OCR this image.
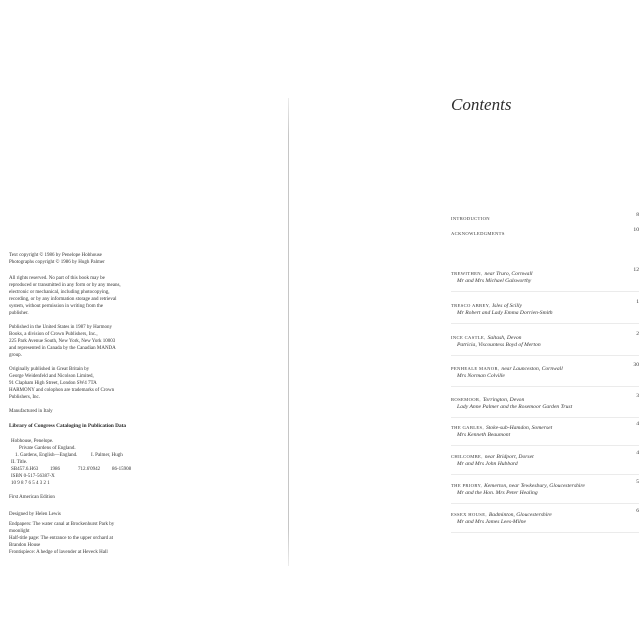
Text copyright © 1986 by Penelope Hobhouse
Photographs copyright © 1986 by Hugh Palmer
All rights reserved. No part of this book may be
reproduced or transmitted in any form or by any means,
electronic or mechanical, including photocopying,
recording, or by any information storage and retrieval
system, without permission in writing from the
publisher.
Published in the United States in 1987 by Harmony
Books, a division of Crown Publishers, Inc.,
225 Park Avenue South, New York, New York 10003
and represented in Canada by the Canadian MANDA
group.
Originally published in Great Britain by
George Weidenfeld and Nicolson Limited,
91 Clapham High Street, London SW4 7TA
HARMONY and colophon are trademarks of Crown
Publishers, Inc.
Manufactured in Italy
Library of Congress Cataloging in Publication Data
Hobhouse, Penelope.
Private Gardens of England.
1. Gardens, English—England.	I. Palmer, Hugh
II. Title.
SB457.6.H63 1986	712.6'0942 86-15908
ISBN 0-517-56387-X
10 9 8 7 6 5 4 3 2 1
First American Edition
Designed by Helen Lewis
Endpapers: The water canal at Brockenhurst Park by
moonlight
Half-title page: The entrance to the upper orchard at
Brandon House
Frontispiece: A hedge of lavender at Heveck Hall
Contents
INTRODUCTION
8
ACKNOWLEDGMENTS
10
TREWITHEN, near Truro, Cornwall
Mr and Mrs Michael Galsworthy
12
TRESCO ABBEY, Isles of Scilly
Mr Robert and Lady Emma Dorrien-Smith
1
INCE CASTLE, Saltash, Devon
Patricia, Viscountess Boyd of Merton
2
PENHEALE MANOR, near Launceston, Cornwall
Mrs Norman Colville
30
ROSEMOOR, Torrington, Devon
Lady Anne Palmer and the Rosemoor Garden Trust
3
THE GABLES, Stoke-sub-Hamdon, Somerset
Mrs Kenneth Beaumont
4
CHILCOMBE, near Bridport, Dorset
Mr and Mrs John Hubbard
4
THE PRIORY, Kemerton, near Tewkesbury, Gloucestershire
Mr and the Hon. Mrs Peter Healing
5
ESSEX HOUSE, Badminton, Gloucestershire
Mr and Mrs James Lees-Milne
6
